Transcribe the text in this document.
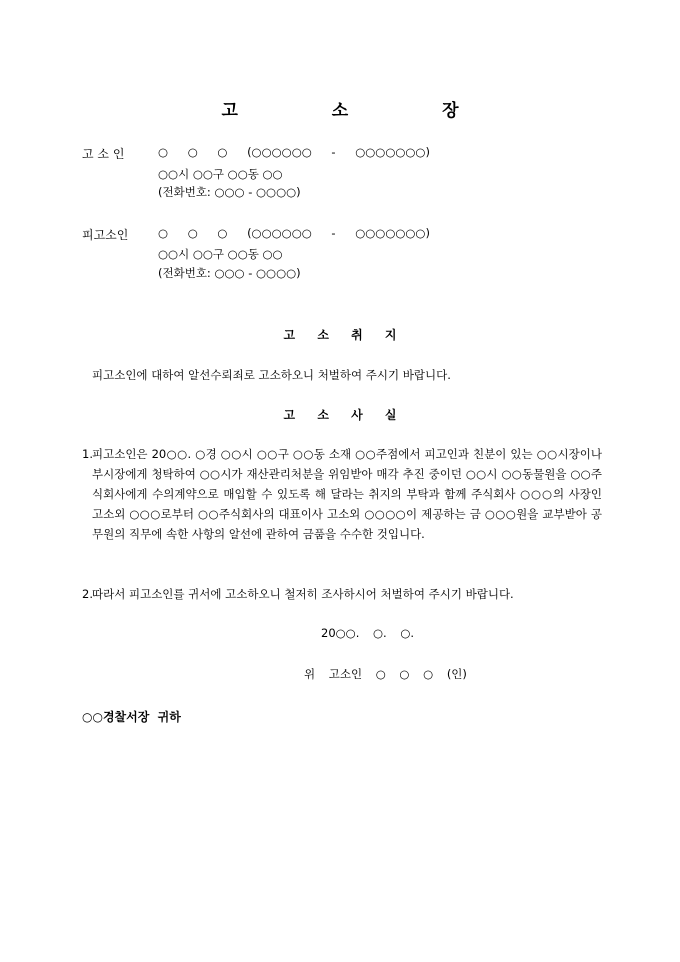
고 소 장
고 소 인	○ ○ ○ (○○○○○○ - ○○○○○○○)
○○시 ○○구 ○○동 ○○
(전화번호: ○○○ - ○○○○)
피고소인	○ ○ ○ (○○○○○○ - ○○○○○○○)
○○시 ○○구 ○○동 ○○
(전화번호: ○○○ - ○○○○)
고 소 취 지
피고소인에 대하여 알선수뢰죄로 고소하오니 처벌하여 주시기 바랍니다.
고 소 사 실
1. 피고소인은 20○○. ○경 ○○시 ○○구 ○○동 소재 ○○주점에서 피고인과 친분이 있는 ○○시장이나 부시장에게 청탁하여 ○○시가 재산관리처분을 위임받아 매각 추진 중이던 ○○시 ○○동물원을 ○○주식회사에게 수의계약으로 매입할 수 있도록 해 달라는 취지의 부탁과 함께 주식회사 ○○○의 사장인 고소외 ○○○로부터 ○○주식회사의 대표이사 고소외 ○○○○이 제공하는 금 ○○○원을 교부받아 공무원의 직무에 속한 사항의 알선에 관하여 금품을 수수한 것입니다.
2. 따라서 피고소인를 귀서에 고소하오니 철저히 조사하시어 처벌하여 주시기 바랍니다.
20○○. ○. ○.
위 고소인 ○ ○ ○ (인)
○○경찰서장  귀하
